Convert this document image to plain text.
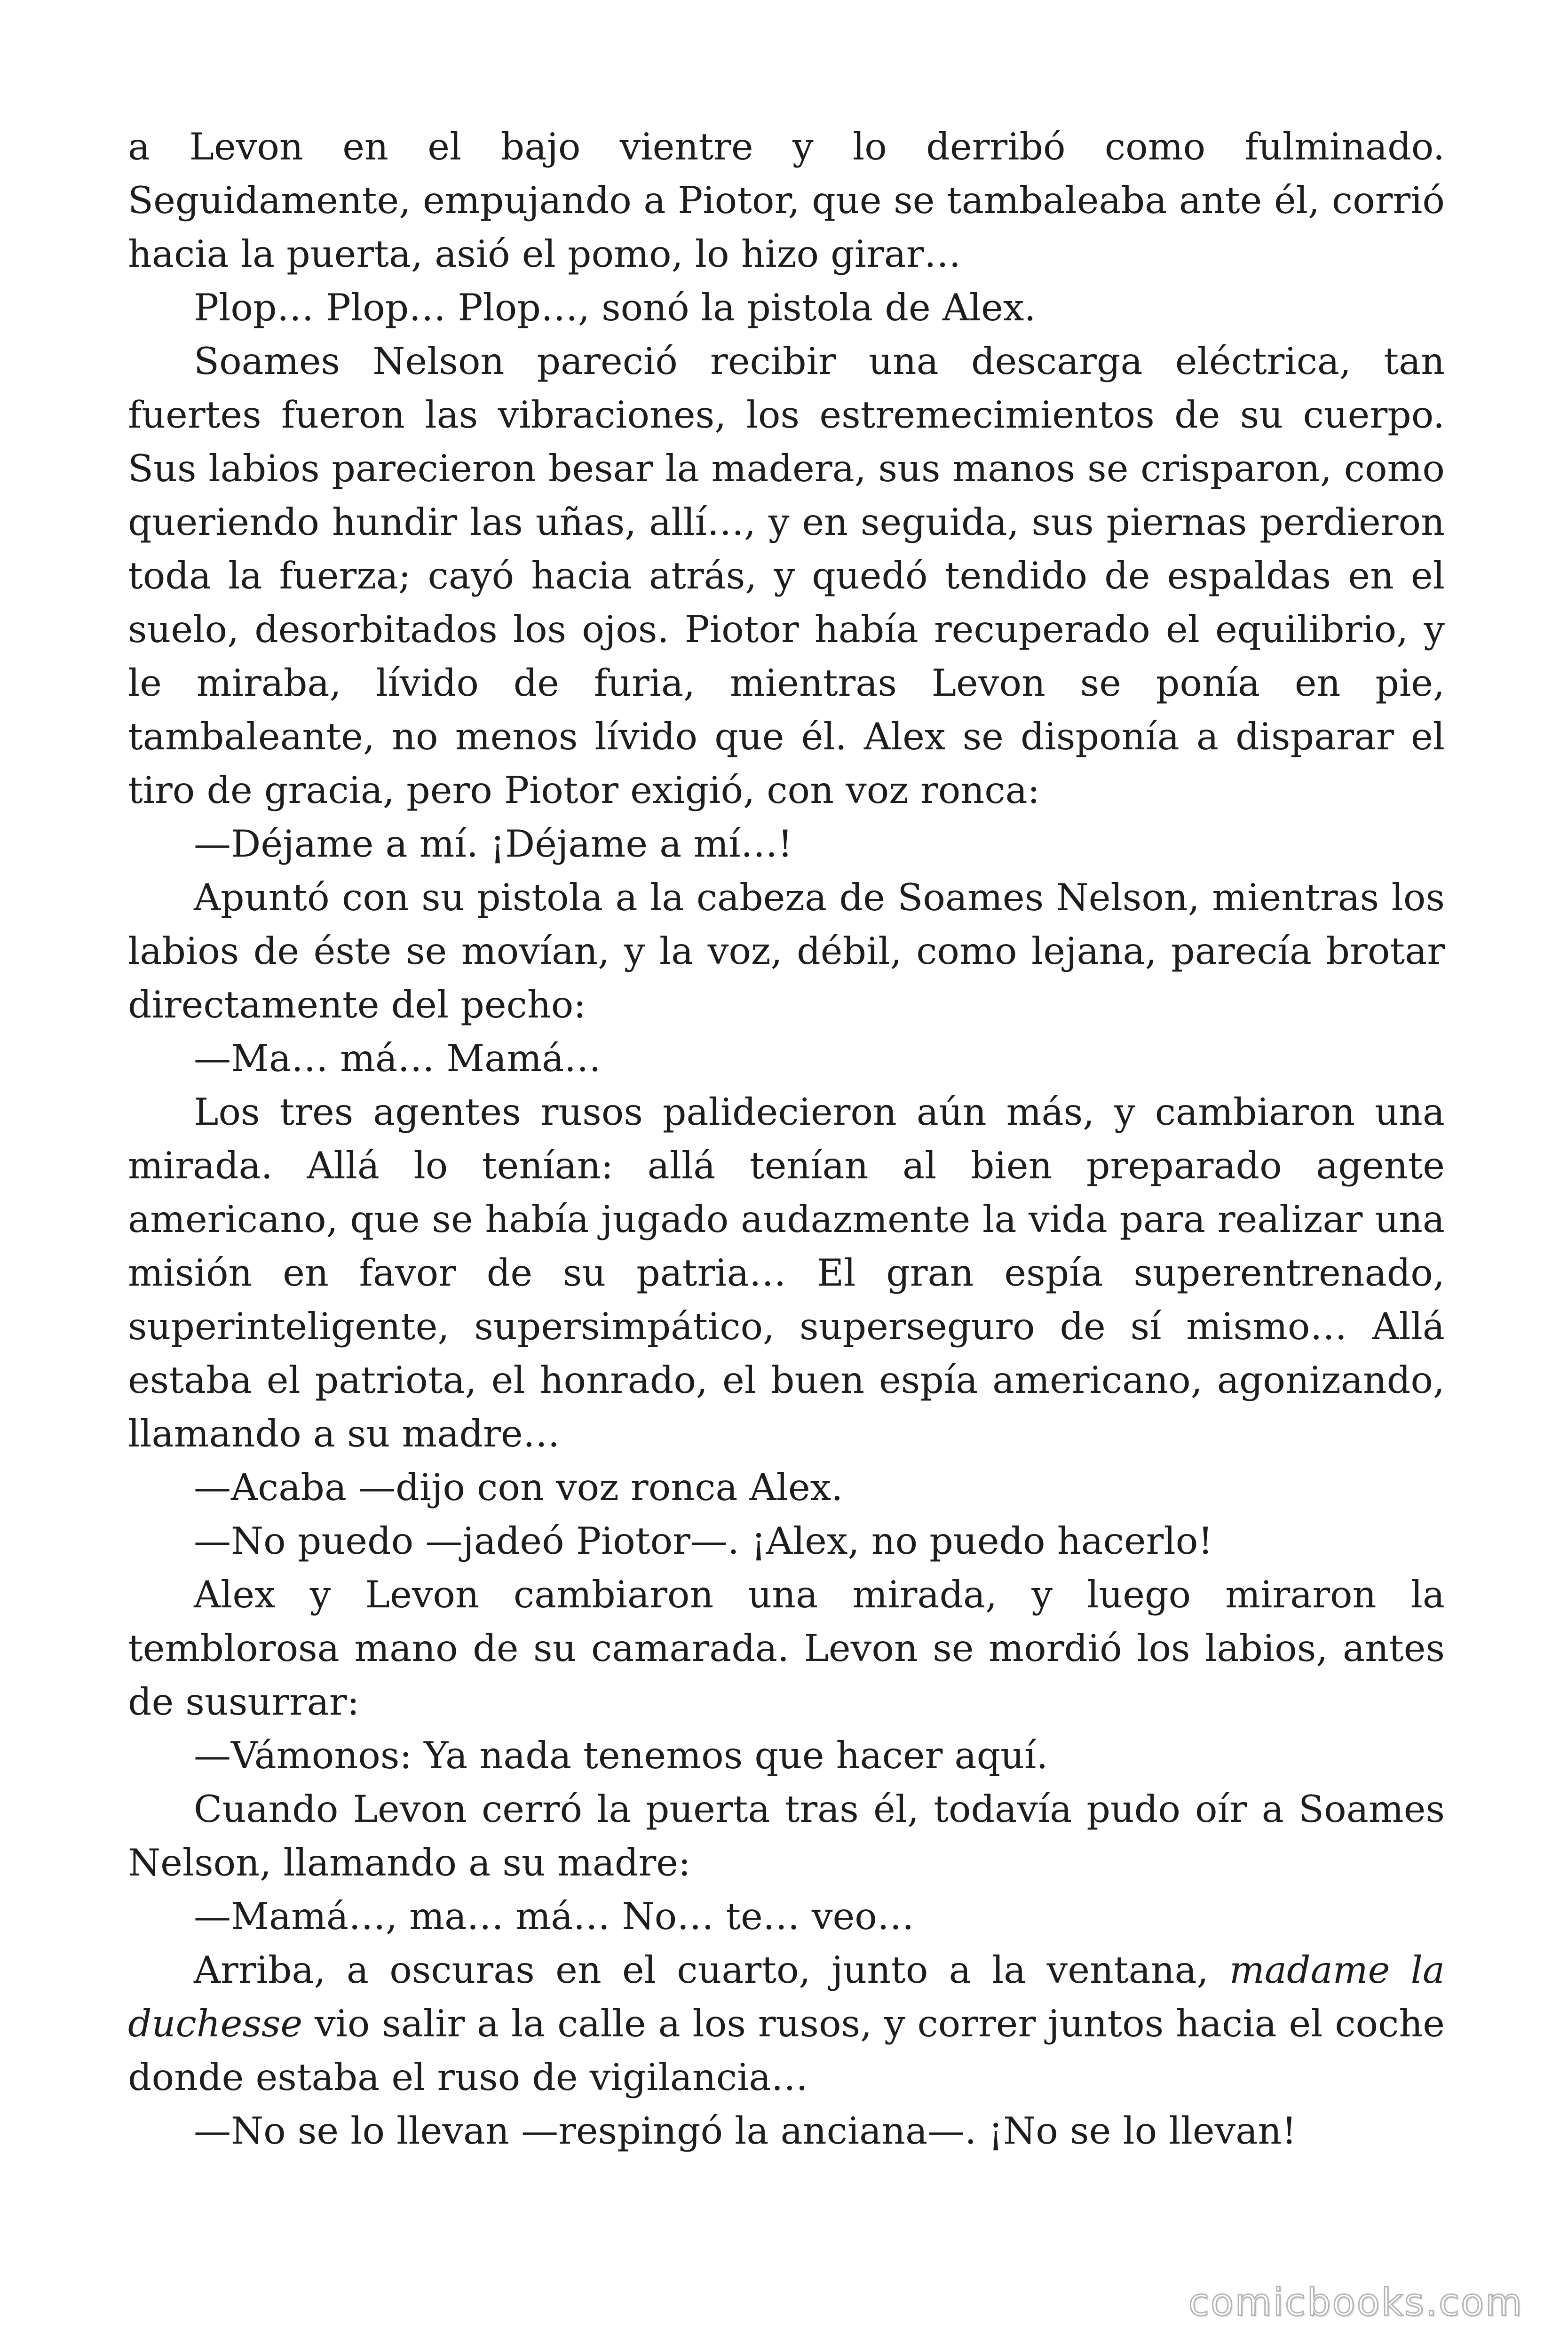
a Levon en el bajo vientre y lo derribó como fulminado. Seguidamente, empujando a Piotor, que se tambaleaba ante él, corrió hacia la puerta, asió el pomo, lo hizo girar…

Plop… Plop… Plop…, sonó la pistola de Alex.

Soames Nelson pareció recibir una descarga eléctrica, tan fuertes fueron las vibraciones, los estremecimientos de su cuerpo. Sus labios parecieron besar la madera, sus manos se crisparon, como queriendo hundir las uñas, allí…, y en seguida, sus piernas perdieron toda la fuerza; cayó hacia atrás, y quedó tendido de espaldas en el suelo, desorbitados los ojos. Piotor había recuperado el equilibrio, y le miraba, lívido de furia, mientras Levon se ponía en pie, tambaleante, no menos lívido que él. Alex se disponía a disparar el tiro de gracia, pero Piotor exigió, con voz ronca:

—Déjame a mí. ¡Déjame a mí…!

Apuntó con su pistola a la cabeza de Soames Nelson, mientras los labios de éste se movían, y la voz, débil, como lejana, parecía brotar directamente del pecho:

—Ma… má… Mamá…

Los tres agentes rusos palidecieron aún más, y cambiaron una mirada. Allá lo tenían: allá tenían al bien preparado agente americano, que se había jugado audazmente la vida para realizar una misión en favor de su patria… El gran espía superentrenado, superinteligente, supersimpático, superseguro de sí mismo… Allá estaba el patriota, el honrado, el buen espía americano, agonizando, llamando a su madre…

—Acaba —dijo con voz ronca Alex.

—No puedo —jadeó Piotor—. ¡Alex, no puedo hacerlo!

Alex y Levon cambiaron una mirada, y luego miraron la temblorosa mano de su camarada. Levon se mordió los labios, antes de susurrar:

—Vámonos: Ya nada tenemos que hacer aquí.

Cuando Levon cerró la puerta tras él, todavía pudo oír a Soames Nelson, llamando a su madre:

—Mamá…, ma… má… No… te… veo…

Arriba, a oscuras en el cuarto, junto a la ventana, madame la duchesse vio salir a la calle a los rusos, y correr juntos hacia el coche donde estaba el ruso de vigilancia…

—No se lo llevan —respingó la anciana—. ¡No se lo llevan!

comicbooks.com
